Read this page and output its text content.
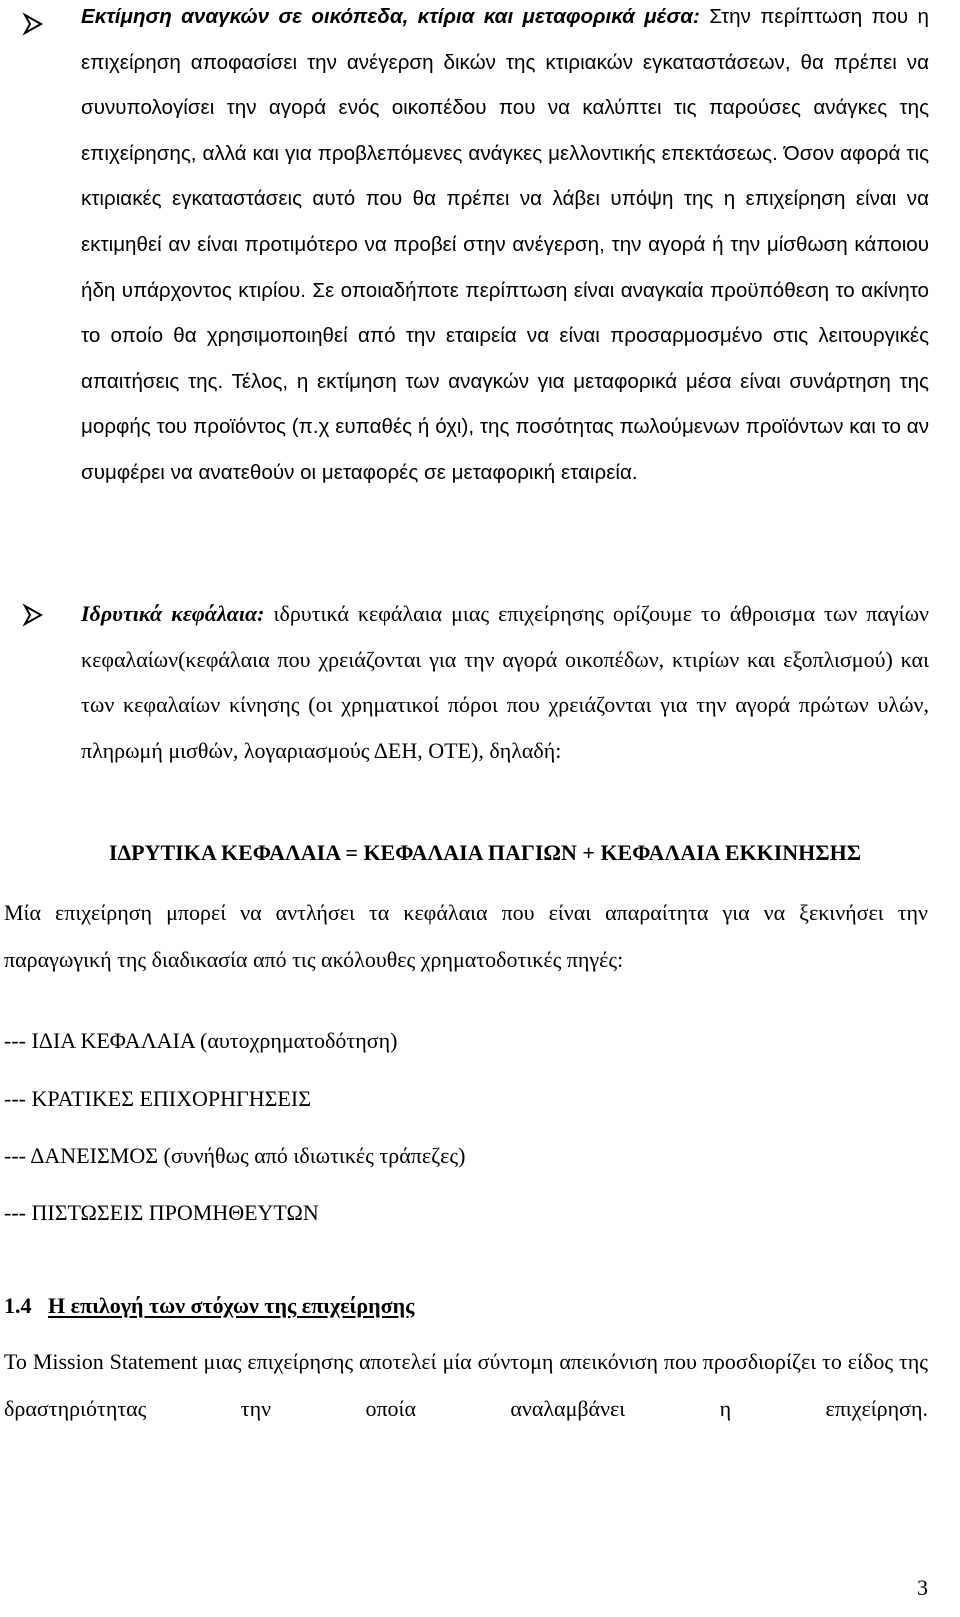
Εκτίμηση αναγκών σε οικόπεδα, κτίρια και μεταφορικά μέσα: Στην περίπτωση που η επιχείρηση αποφασίσει την ανέγερση δικών της κτιριακών εγκαταστάσεων, θα πρέπει να συνυπολογίσει την αγορά ενός οικοπέδου που να καλύπτει τις παρούσες ανάγκες της επιχείρησης, αλλά και για προβλεπόμενες ανάγκες μελλοντικής επεκτάσεως. Όσον αφορά τις κτιριακές εγκαταστάσεις αυτό που θα πρέπει να λάβει υπόψη της η επιχείρηση είναι να εκτιμηθεί αν είναι προτιμότερο να προβεί στην ανέγερση, την αγορά ή την μίσθωση κάποιου ήδη υπάρχοντος κτιρίου. Σε οποιαδήποτε περίπτωση είναι αναγκαία προϋπόθεση το ακίνητο το οποίο θα χρησιμοποιηθεί από την εταιρεία να είναι προσαρμοσμένο στις λειτουργικές απαιτήσεις της. Τέλος, η εκτίμηση των αναγκών για μεταφορικά μέσα είναι συνάρτηση της μορφής του προϊόντος (π.χ ευπαθές ή όχι), της ποσότητας πωλούμενων προϊόντων και το αν συμφέρει να ανατεθούν οι μεταφορές σε μεταφορική εταιρεία.
Ιδρυτικά κεφάλαια: ιδρυτικά κεφάλαια μιας επιχείρησης ορίζουμε το άθροισμα των παγίων κεφαλαίων(κεφάλαια που χρειάζονται για την αγορά οικοπέδων, κτιρίων και εξοπλισμού) και των κεφαλαίων κίνησης (οι χρηματικοί πόροι που χρειάζονται για την αγορά πρώτων υλών, πληρωμή μισθών, λογαριασμούς ΔΕΗ, ΟΤΕ), δηλαδή:
ΙΔΡΥΤΙΚΑ ΚΕΦΑΛΑΙΑ = ΚΕΦΑΛΑΙΑ ΠΑΓΙΩΝ + ΚΕΦΑΛΑΙΑ ΕΚΚΙΝΗΣΗΣ
Μία επιχείρηση μπορεί να αντλήσει τα κεφάλαια που είναι απαραίτητα για να ξεκινήσει την παραγωγική της διαδικασία από τις ακόλουθες χρηματοδοτικές πηγές:
--- ΙΔΙΑ ΚΕΦΑΛΑΙΑ (αυτοχρηματοδότηση)
--- ΚΡΑΤΙΚΕΣ ΕΠΙΧΟΡΗΓΗΣΕΙΣ
--- ΔΑΝΕΙΣΜΟΣ (συνήθως από ιδιωτικές τράπεζες)
--- ΠΙΣΤΩΣΕΙΣ ΠΡΟΜΗΘΕΥΤΩΝ
1.4 Η επιλογή των στόχων της επιχείρησης
Το Mission Statement μιας επιχείρησης αποτελεί μία σύντομη απεικόνιση που προσδιορίζει το είδος της δραστηριότητας την οποία αναλαμβάνει η επιχείρηση.
3
